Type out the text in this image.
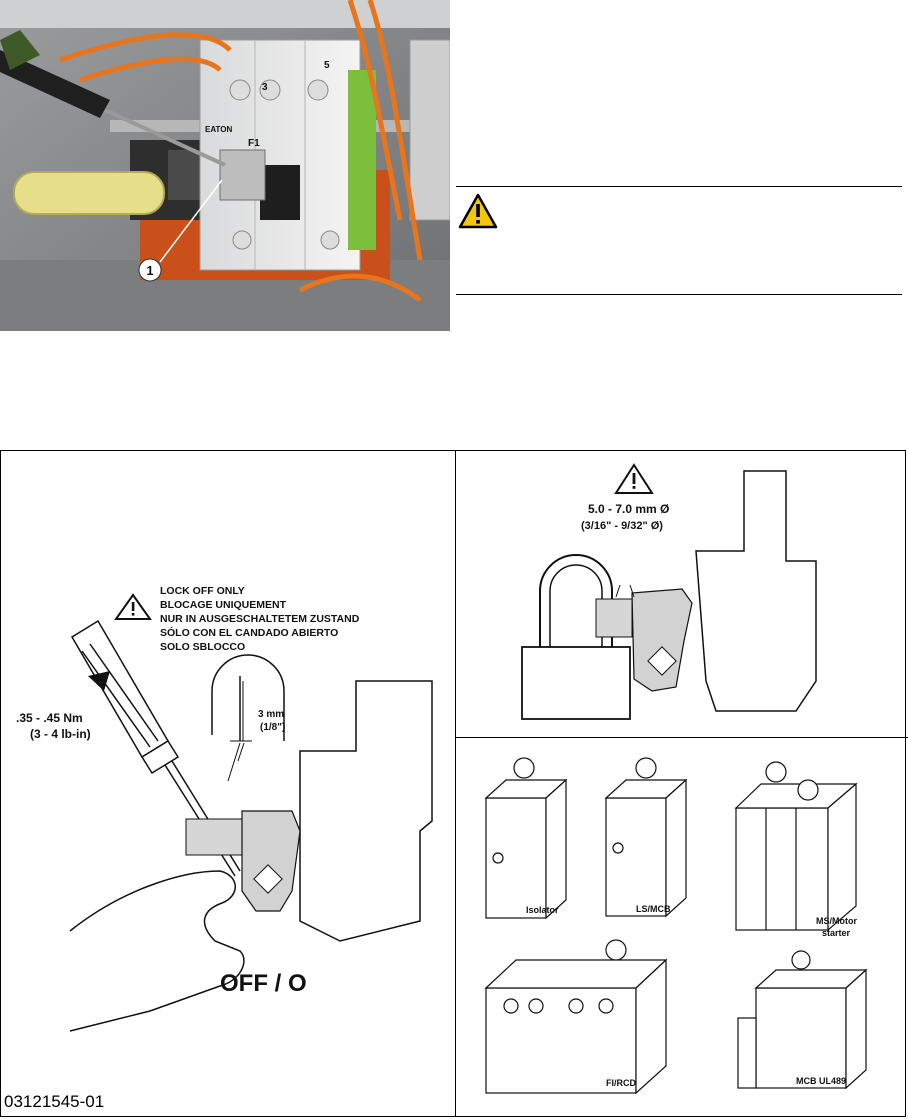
3
5
F1
EATON
1
LOCK OFF ONLY
BLOCAGE UNIQUEMENT
NUR IN AUSGESCHALTETEM ZUSTAND
SÓLO CON EL CANDADO ABIERTO
SOLO SBLOCCO
.35 - .45 Nm
(3 - 4 lb-in)
3 mm
(1/8")
OFF / O
5.0 - 7.0 mm Ø
(3/16" - 9/32" Ø)
Isolator	LS/MCB
MS/Motor
starter
FI/RCD	MCB UL489
03121545-01
